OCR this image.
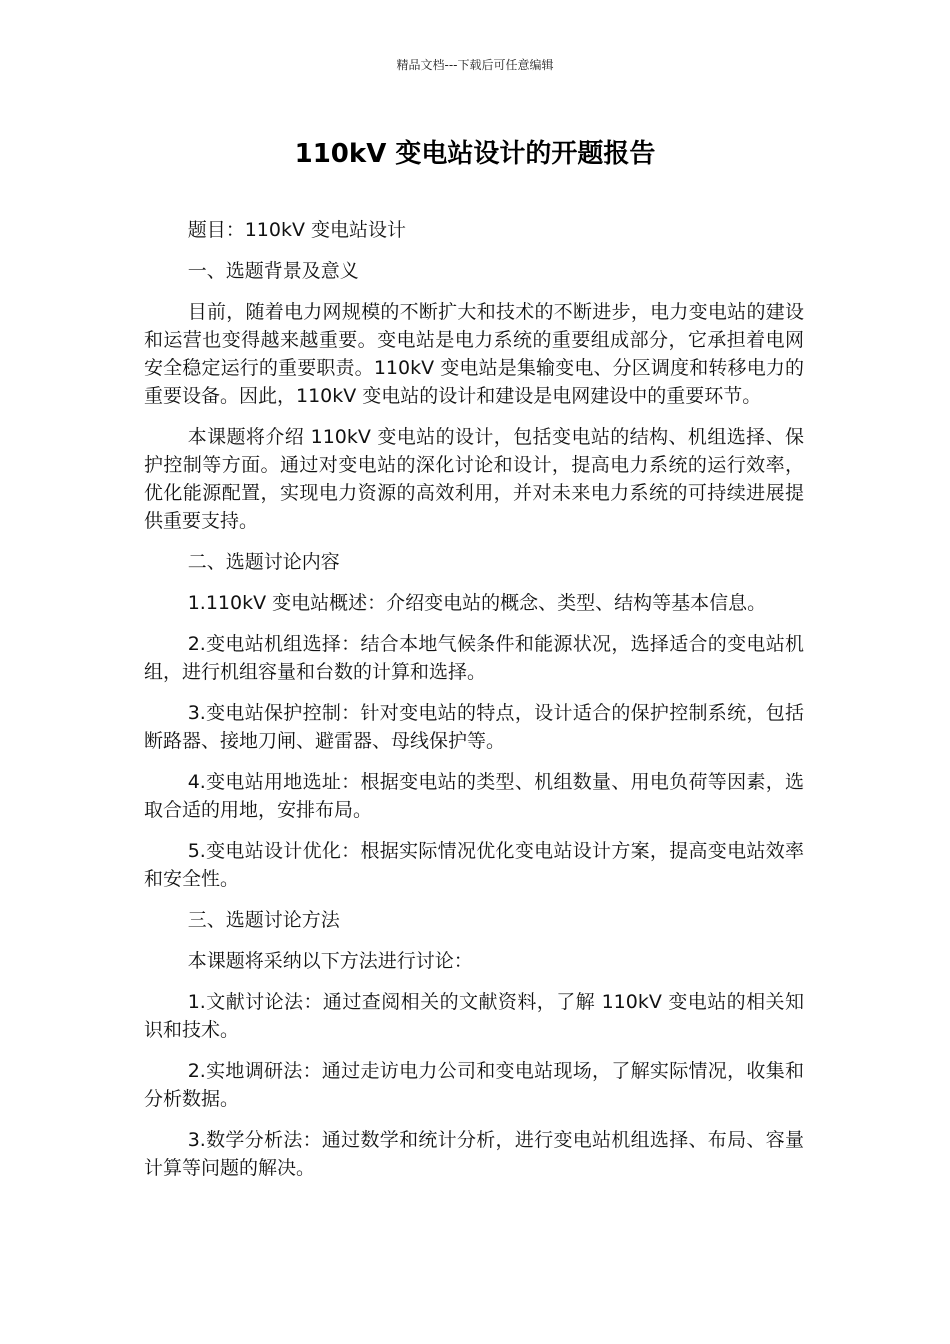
精品文档---下载后可任意编辑
110kV 变电站设计的开题报告

题目：110kV 变电站设计

一、选题背景及意义

目前，随着电力网规模的不断扩大和技术的不断进步，电力变电站的建设和运营也变得越来越重要。变电站是电力系统的重要组成部分，它承担着电网安全稳定运行的重要职责。110kV 变电站是集输变电、分区调度和转移电力的重要设备。因此，110kV 变电站的设计和建设是电网建设中的重要环节。

本课题将介绍 110kV 变电站的设计，包括变电站的结构、机组选择、保护控制等方面。通过对变电站的深化讨论和设计，提高电力系统的运行效率，优化能源配置，实现电力资源的高效利用，并对未来电力系统的可持续进展提供重要支持。

二、选题讨论内容

1.110kV 变电站概述：介绍变电站的概念、类型、结构等基本信息。

2.变电站机组选择：结合本地气候条件和能源状况，选择适合的变电站机组，进行机组容量和台数的计算和选择。

3.变电站保护控制：针对变电站的特点，设计适合的保护控制系统，包括断路器、接地刀闸、避雷器、母线保护等。

4.变电站用地选址：根据变电站的类型、机组数量、用电负荷等因素，选取合适的用地，安排布局。

5.变电站设计优化：根据实际情况优化变电站设计方案，提高变电站效率和安全性。

三、选题讨论方法

本课题将采纳以下方法进行讨论：

1.文献讨论法：通过查阅相关的文献资料，了解 110kV 变电站的相关知识和技术。

2.实地调研法：通过走访电力公司和变电站现场，了解实际情况，收集和分析数据。

3.数学分析法：通过数学和统计分析，进行变电站机组选择、布局、容量计算等问题的解决。
